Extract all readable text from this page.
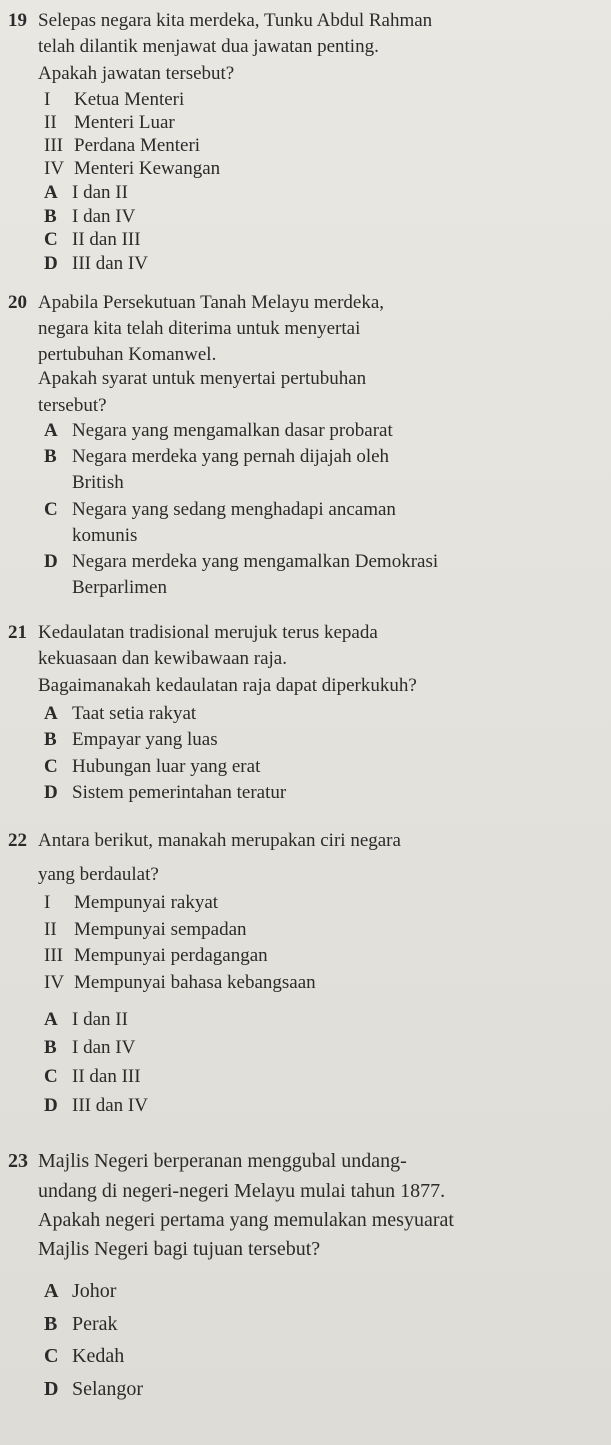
19 Selepas negara kita merdeka, Tunku Abdul Rahman
telah dilantik menjawat dua jawatan penting.
Apakah jawatan tersebut?
I Ketua Menteri
II Menteri Luar
III Perdana Menteri
IV Menteri Kewangan
A I dan II
B I dan IV
C II dan III
D III dan IV
20 Apabila Persekutuan Tanah Melayu merdeka,
negara kita telah diterima untuk menyertai
pertubuhan Komanwel.
Apakah syarat untuk menyertai pertubuhan
tersebut?
A Negara yang mengamalkan dasar probarat
B Negara merdeka yang pernah dijajah oleh
British
C Negara yang sedang menghadapi ancaman
komunis
D Negara merdeka yang mengamalkan Demokrasi
Berparlimen
21 Kedaulatan tradisional merujuk terus kepada
kekuasaan dan kewibawaan raja.
Bagaimanakah kedaulatan raja dapat diperkukuh?
A Taat setia rakyat
B Empayar yang luas
C Hubungan luar yang erat
D Sistem pemerintahan teratur
22 Antara berikut, manakah merupakan ciri negara
yang berdaulat?
I Mempunyai rakyat
II Mempunyai sempadan
III Mempunyai perdagangan
IV Mempunyai bahasa kebangsaan
A I dan II
B I dan IV
C II dan III
D III dan IV
23 Majlis Negeri berperanan menggubal undang-
undang di negeri-negeri Melayu mulai tahun 1877.
Apakah negeri pertama yang memulakan mesyuarat
Majlis Negeri bagi tujuan tersebut?
A Johor
B Perak
C Kedah
D Selangor
